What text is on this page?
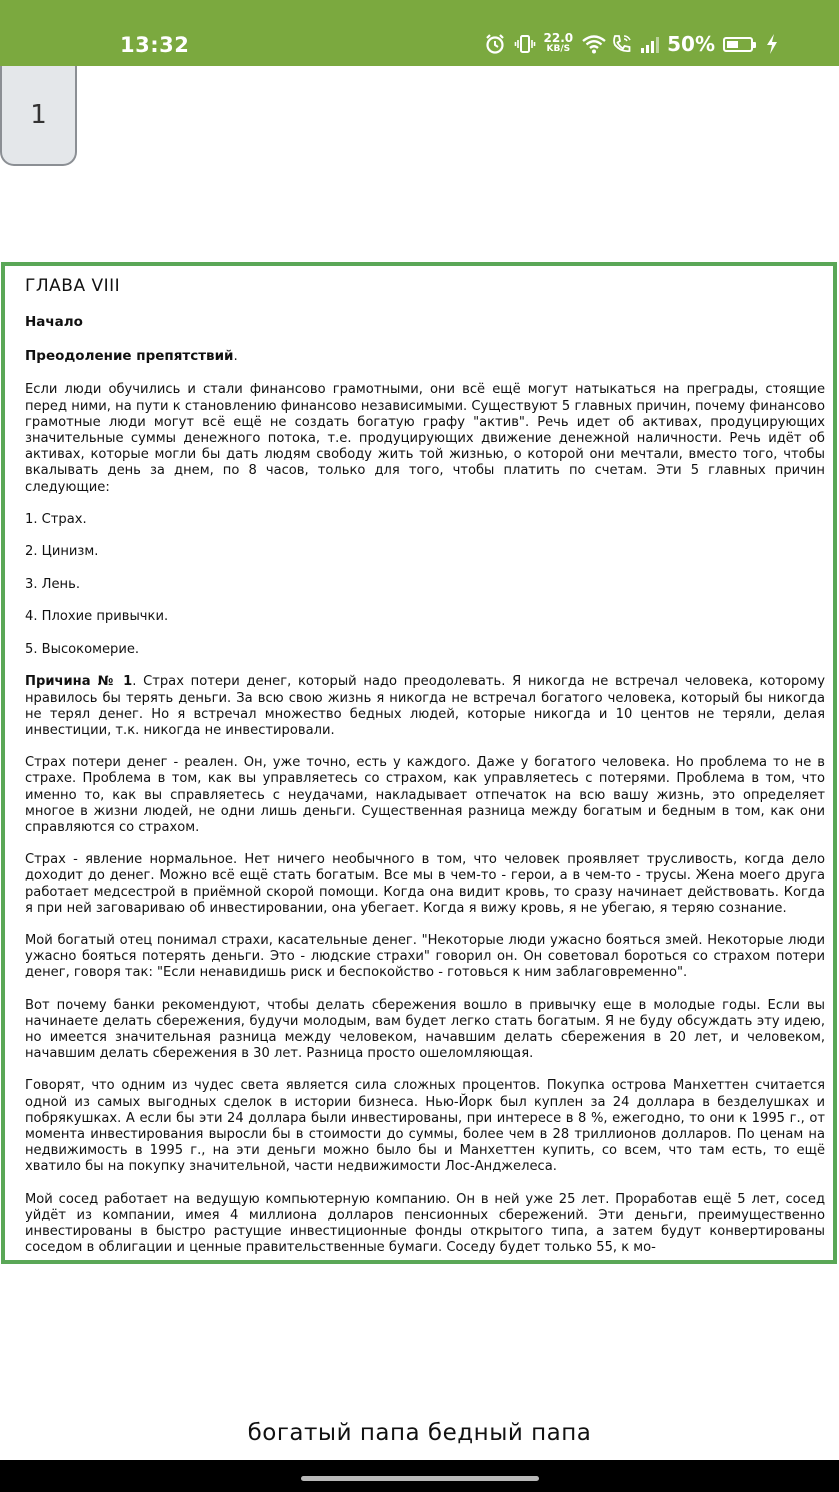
13:32	22.0
KB/S	50%
1
ГЛАВА VIII
Начало
Преодоление препятствий.

Если люди обучились и стали финансово грамотными, они всё ещё могут натыкаться на преграды, стоящие перед ними, на пути к становлению финансово независимыми. Существуют 5 главных причин, почему финансово грамотные люди могут всё ещё не создать богатую графу "актив". Речь идет об активах, продуцирующих значительные суммы денежного потока, т.е. продуцирующих движение денежной наличности. Речь идёт об активах, которые могли бы дать людям свободу жить той жизнью, о которой они мечтали, вместо того, чтобы вкалывать день за днем, по 8 часов, только для того, чтобы платить по счетам. Эти 5 главных причин следующие:

1. Страх.
2. Цинизм.
3. Лень.
4. Плохие привычки.
5. Высокомерие.

Причина № 1. Страх потери денег, который надо преодолевать. Я никогда не встречал человека, которому нравилось бы терять деньги. За всю свою жизнь я никогда не встречал богатого человека, который бы никогда не терял денег. Но я встречал множество бедных людей, которые никогда и 10 центов не теряли, делая инвестиции, т.к. никогда не инвестировали.

Страх потери денег - реален. Он, уже точно, есть у каждого. Даже у богатого человека. Но проблема то не в страхе. Проблема в том, как вы управляетесь со страхом, как управляетесь с потерями. Проблема в том, что именно то, как вы справляетесь с неудачами, накладывает отпечаток на всю вашу жизнь, это определяет многое в жизни людей, не одни лишь деньги. Существенная разница между богатым и бедным в том, как они справляются со страхом.

Страх - явление нормальное. Нет ничего необычного в том, что человек проявляет трусливость, когда дело доходит до денег. Можно всё ещё стать богатым. Все мы в чем-то - герои, а в чем-то - трусы. Жена моего друга работает медсестрой в приёмной скорой помощи. Когда она видит кровь, то сразу начинает действовать. Когда я при ней заговариваю об инвестировании, она убегает. Когда я вижу кровь, я не убегаю, я теряю сознание.

Мой богатый отец понимал страхи, касательные денег. "Некоторые люди ужасно бояться змей. Некоторые люди ужасно бояться потерять деньги. Это - людские страхи" говорил он. Он советовал бороться со страхом потери денег, говоря так: "Если ненавидишь риск и беспокойство - готовься к ним заблаговременно".

Вот почему банки рекомендуют, чтобы делать сбережения вошло в привычку еще в молодые годы. Если вы начинаете делать сбережения, будучи молодым, вам будет легко стать богатым. Я не буду обсуждать эту идею, но имеется значительная разница между человеком, начавшим делать сбережения в 20 лет, и человеком, начавшим делать сбережения в 30 лет. Разница просто ошеломляющая.

Говорят, что одним из чудес света является сила сложных процентов. Покупка острова Манхеттен считается одной из самых выгодных сделок в истории бизнеса. Нью-Йорк был куплен за 24 доллара в безделушках и побрякушках. А если бы эти 24 доллара были инвестированы, при интересе в 8 %, ежегодно, то они к 1995 г., от момента инвестирования выросли бы в стоимости до суммы, более чем в 28 триллионов долларов. По ценам на недвижимость в 1995 г., на эти деньги можно было бы и Манхеттен купить, со всем, что там есть, то ещё хватило бы на покупку значительной, части недвижимости Лос-Анджелеса.

Мой сосед работает на ведущую компьютерную компанию. Он в ней уже 25 лет. Проработав ещё 5 лет, сосед уйдёт из компании, имея 4 миллиона долларов пенсионных сбережений. Эти деньги, преимущественно инвестированы в быстро растущие инвестиционные фонды открытого типа, а затем будут конвертированы соседом в облигации и ценные правительственные бумаги. Соседу будет только 55, к мо-

богатый папа бедный папа
